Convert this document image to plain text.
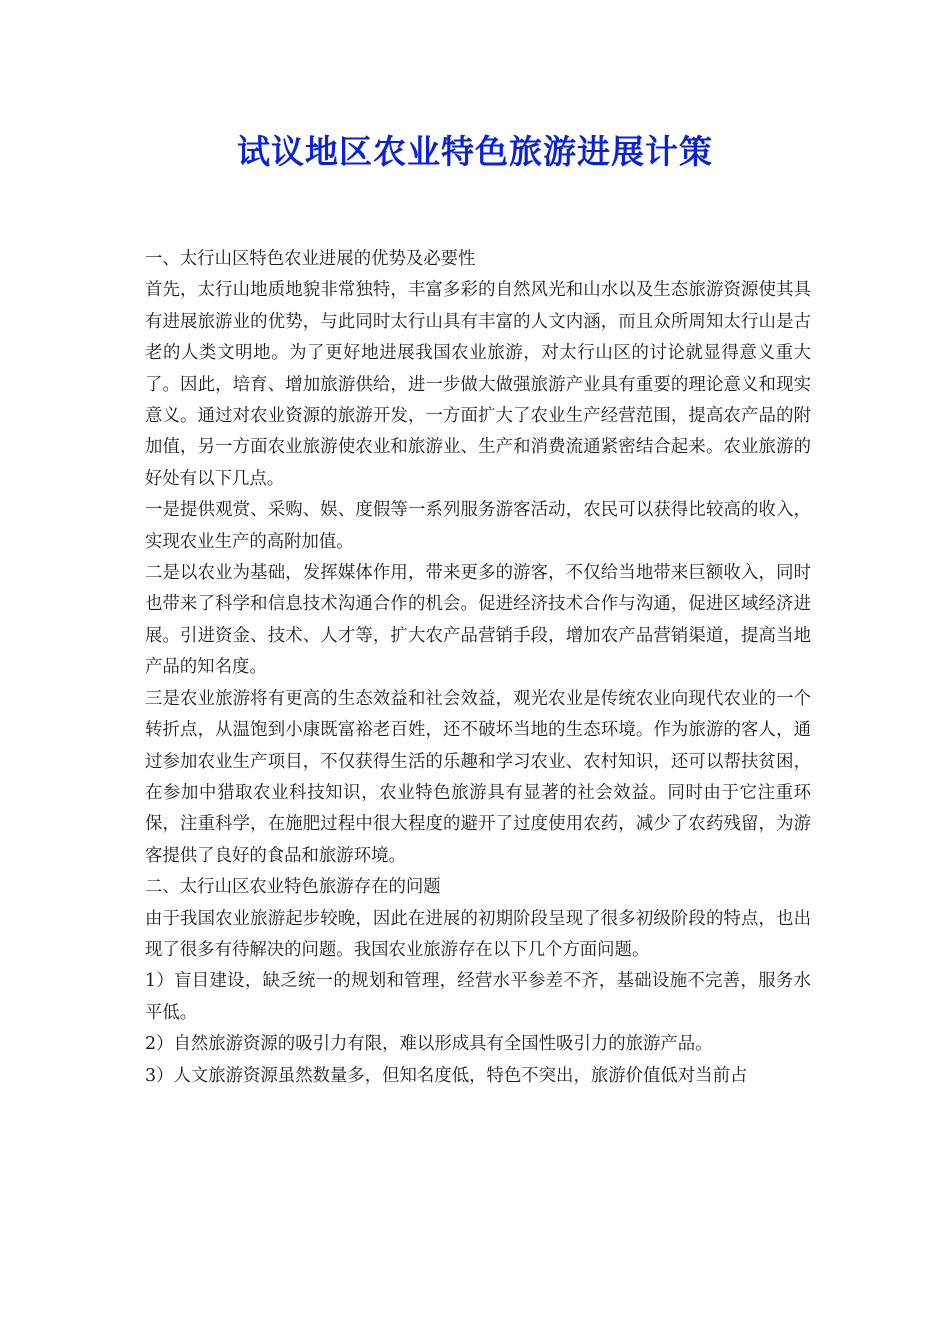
试议地区农业特色旅游进展计策

一、太行山区特色农业进展的优势及必要性

首先，太行山地质地貌非常独特，丰富多彩的自然风光和山水以及生态旅游资源使其具有进展旅游业的优势，与此同时太行山具有丰富的人文内涵，而且众所周知太行山是古老的人类文明地。为了更好地进展我国农业旅游，对太行山区的讨论就显得意义重大了。因此，培育、增加旅游供给，进一步做大做强旅游产业具有重要的理论意义和现实意义。通过对农业资源的旅游开发，一方面扩大了农业生产经营范围，提高农产品的附加值，另一方面农业旅游使农业和旅游业、生产和消费流通紧密结合起来。农业旅游的好处有以下几点。

一是提供观赏、采购、娱、度假等一系列服务游客活动，农民可以获得比较高的收入，实现农业生产的高附加值。

二是以农业为基础，发挥媒体作用，带来更多的游客，不仅给当地带来巨额收入，同时也带来了科学和信息技术沟通合作的机会。促进经济技术合作与沟通，促进区域经济进展。引进资金、技术、人才等，扩大农产品营销手段，增加农产品营销渠道，提高当地产品的知名度。

三是农业旅游将有更高的生态效益和社会效益，观光农业是传统农业向现代农业的一个转折点，从温饱到小康既富裕老百姓，还不破坏当地的生态环境。作为旅游的客人，通过参加农业生产项目，不仅获得生活的乐趣和学习农业、农村知识，还可以帮扶贫困，在参加中猎取农业科技知识，农业特色旅游具有显著的社会效益。同时由于它注重环保，注重科学，在施肥过程中很大程度的避开了过度使用农药，减少了农药残留，为游客提供了良好的食品和旅游环境。

二、太行山区农业特色旅游存在的问题

由于我国农业旅游起步较晚，因此在进展的初期阶段呈现了很多初级阶段的特点，也出现了很多有待解决的问题。我国农业旅游存在以下几个方面问题。

1）盲目建设，缺乏统一的规划和管理，经营水平参差不齐，基础设施不完善，服务水平低。

2）自然旅游资源的吸引力有限，难以形成具有全国性吸引力的旅游产品。

3）人文旅游资源虽然数量多，但知名度低，特色不突出，旅游价值低对当前占
